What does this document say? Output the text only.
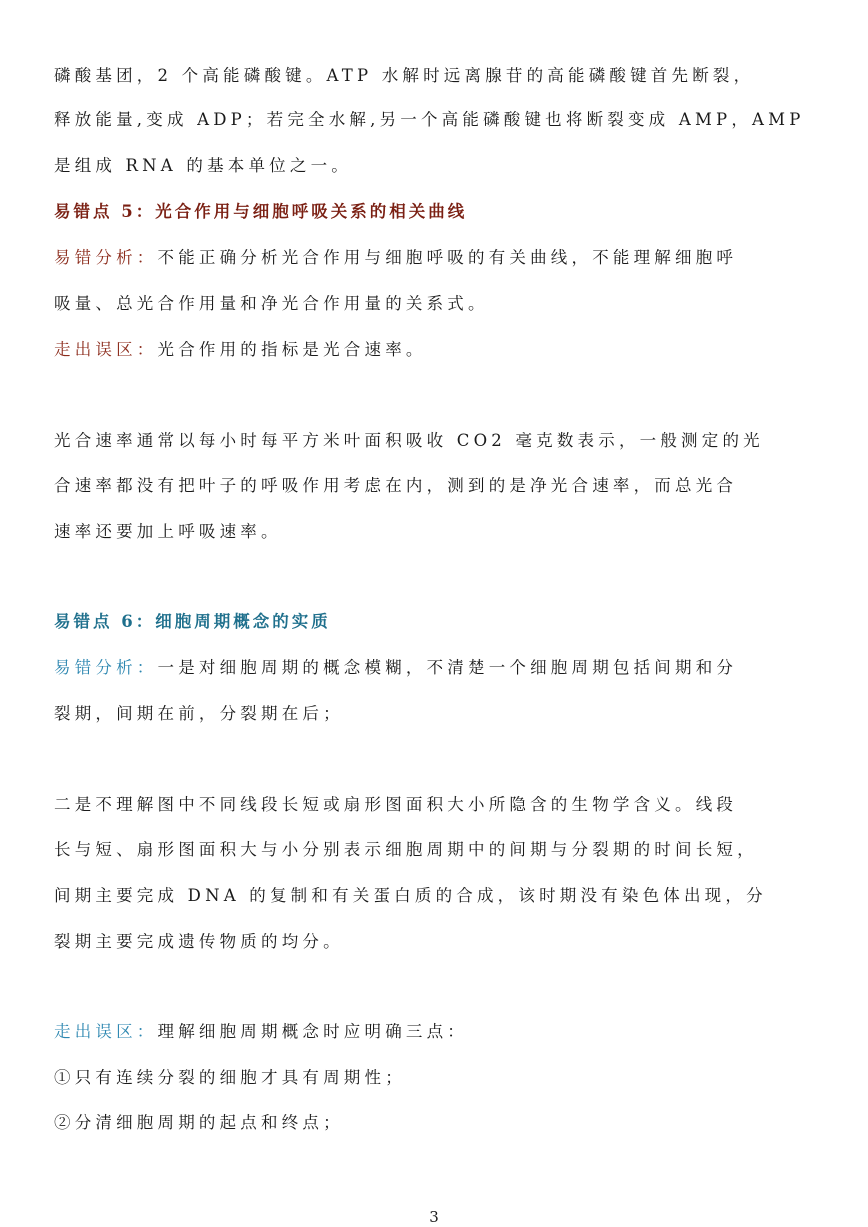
磷酸基团，2 个高能磷酸键。ATP 水解时远离腺苷的高能磷酸键首先断裂，
释放能量,变成 ADP；若完全水解,另一个高能磷酸键也将断裂变成 AMP，AMP
是组成 RNA 的基本单位之一。
易错点 5：光合作用与细胞呼吸关系的相关曲线
易错分析：不能正确分析光合作用与细胞呼吸的有关曲线，不能理解细胞呼
吸量、总光合作用量和净光合作用量的关系式。
走出误区：光合作用的指标是光合速率。
光合速率通常以每小时每平方米叶面积吸收 CO2 毫克数表示，一般测定的光
合速率都没有把叶子的呼吸作用考虑在内，测到的是净光合速率，而总光合
速率还要加上呼吸速率。
易错点 6：细胞周期概念的实质
易错分析：一是对细胞周期的概念模糊，不清楚一个细胞周期包括间期和分
裂期，间期在前，分裂期在后；
二是不理解图中不同线段长短或扇形图面积大小所隐含的生物学含义。线段
长与短、扇形图面积大与小分别表示细胞周期中的间期与分裂期的时间长短，
间期主要完成 DNA 的复制和有关蛋白质的合成，该时期没有染色体出现，分
裂期主要完成遗传物质的均分。
走出误区：理解细胞周期概念时应明确三点：
①只有连续分裂的细胞才具有周期性；
②分清细胞周期的起点和终点；
3
